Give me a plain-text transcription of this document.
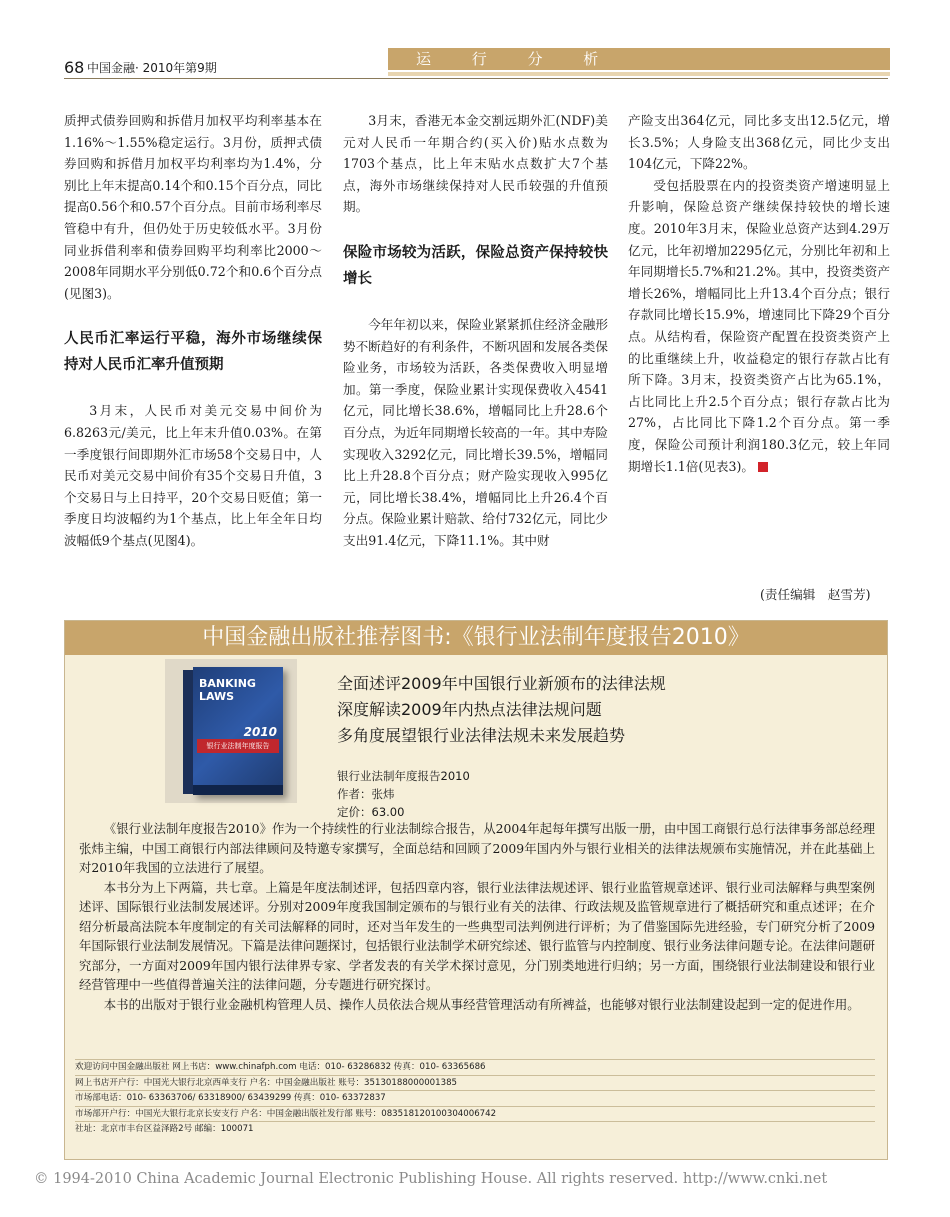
68 中国金融· 2010年第9期	运 行 分 析

质押式债券回购和拆借月加权平均利率基本在1.16%～1.55%稳定运行。3月份，质押式债券回购和拆借月加权平均利率均为1.4%，分别比上年末提高0.14个和0.15个百分点，同比提高0.56个和0.57个百分点。目前市场利率尽管稳中有升，但仍处于历史较低水平。3月份同业拆借利率和债券回购平均利率比2000～2008年同期水平分别低0.72个和0.6个百分点(见图3)。

人民币汇率运行平稳，海外市场继续保持对人民币汇率升值预期

3月末，人民币对美元交易中间价为6.8263元/美元，比上年末升值0.03%。在第一季度银行间即期外汇市场58个交易日中，人民币对美元交易中间价有35个交易日升值，3个交易日与上日持平，20个交易日贬值；第一季度日均波幅约为1个基点，比上年全年日均波幅低9个基点(见图4)。

3月末，香港无本金交割远期外汇(NDF)美元对人民币一年期合约(买入价)贴水点数为1703个基点，比上年末贴水点数扩大7个基点，海外市场继续保持对人民币较强的升值预期。

保险市场较为活跃，保险总资产保持较快增长

今年年初以来，保险业紧紧抓住经济金融形势不断趋好的有利条件，不断巩固和发展各类保险业务，市场较为活跃，各类保费收入明显增加。第一季度，保险业累计实现保费收入4541亿元，同比增长38.6%，增幅同比上升28.6个百分点，为近年同期增长较高的一年。其中寿险实现收入3292亿元，同比增长39.5%，增幅同比上升28.8个百分点；财产险实现收入995亿元，同比增长38.4%，增幅同比上升26.4个百分点。保险业累计赔款、给付732亿元，同比少支出91.4亿元，下降11.1%。其中财

产险支出364亿元，同比多支出12.5亿元，增长3.5%；人身险支出368亿元，同比少支出104亿元，下降22%。

受包括股票在内的投资类资产增速明显上升影响，保险总资产继续保持较快的增长速度。2010年3月末，保险业总资产达到4.29万亿元，比年初增加2295亿元，分别比年初和上年同期增长5.7%和21.2%。其中，投资类资产增长26%，增幅同比上升13.4个百分点；银行存款同比增长15.9%，增速同比下降29个百分点。从结构看，保险资产配置在投资类资产上的比重继续上升，收益稳定的银行存款占比有所下降。3月末，投资类资产占比为65.1%，占比同比上升2.5个百分点；银行存款占比为27%，占比同比下降1.2个百分点。第一季度，保险公司预计利润180.3亿元，较上年同期增长1.1倍(见表3)。

(责任编辑　赵雪芳)
中国金融出版社推荐图书:《银行业法制年度报告2010》
BANKING LAWS
2010
银行业法制年度报告
全面述评2009年中国银行业新颁布的法律法规
深度解读2009年内热点法律法规问题
多角度展望银行业法律法规未来发展趋势
银行业法制年度报告2010
作者：张炜
定价：63.00

《银行业法制年度报告2010》作为一个持续性的行业法制综合报告，从2004年起每年撰写出版一册，由中国工商银行总行法律事务部总经理张炜主编，中国工商银行内部法律顾问及特邀专家撰写，全面总结和回顾了2009年国内外与银行业相关的法律法规颁布实施情况，并在此基础上对2010年我国的立法进行了展望。

本书分为上下两篇，共七章。上篇是年度法制述评，包括四章内容，银行业法律法规述评、银行业监管规章述评、银行业司法解释与典型案例述评、国际银行业法制发展述评。分别对2009年度我国制定颁布的与银行业有关的法律、行政法规及监管规章进行了概括研究和重点述评；在介绍分析最高法院本年度制定的有关司法解释的同时，还对当年发生的一些典型司法判例进行评析；为了借鉴国际先进经验，专门研究分析了2009年国际银行业法制发展情况。下篇是法律问题探讨，包括银行业法制学术研究综述、银行监管与内控制度、银行业务法律问题专论。在法律问题研究部分，一方面对2009年国内银行法律界专家、学者发表的有关学术探讨意见，分门别类地进行归纳；另一方面，围绕银行业法制建设和银行业经营管理中一些值得普遍关注的法律问题，分专题进行研究探讨。

本书的出版对于银行业金融机构管理人员、操作人员依法合规从事经营管理活动有所裨益，也能够对银行业法制建设起到一定的促进作用。

欢迎访问中国金融出版社 网上书店：www.chinafph.com 电话：010- 63286832 传真：010- 63365686
网上书店开户行：中国光大银行北京西单支行 户名：中国金融出版社 账号：35130188000001385
市场部电话：010- 63363706/ 63318900/ 63439299 传真：010- 63372837
市场部开户行：中国光大银行北京长安支行 户名：中国金融出版社发行部 账号：083518120100304006742
社址：北京市丰台区益泽路2号 邮编：100071
© 1994-2010 China Academic Journal Electronic Publishing House. All rights reserved. http://www.cnki.net
